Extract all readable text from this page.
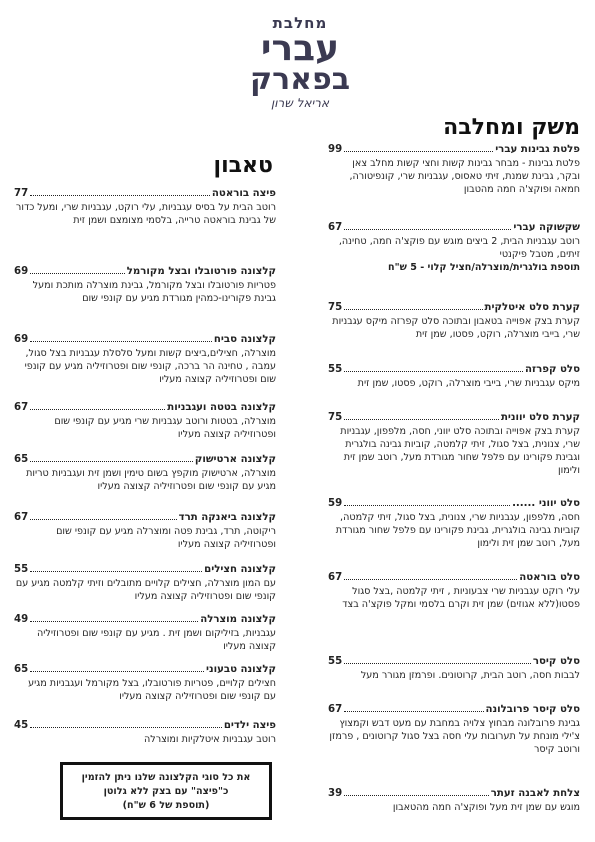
מחלבת
עברי
בפארק
אריאל שרון
משק ומחלבה
טאבון
פלטת גבינות עברי
99
פלטת גבינות - מבחר גבינות קשות וחצי קשות מחלב צאן ובקר, גבינת שמנת, זיתי טאסוס, עגבניות שרי, קונפיטורה, חמאה ופוקצ'ה חמה מהטבון
שקשוקה עברי
67
רוטב עגבניות הבית, 2 ביצים מוגש עם פוקצ'ה חמה, טחינה, זיתים, מטבל פיקנטי
תוספת בולגרית/מוצרלה/חציל קלוי - 5 ש"ח
קערת סלט איטלקית
75
קערת בצק אפוייה בטאבון ובתוכה סלט קפרזה מיקס עגבניות שרי, בייבי מוצרלה, רוקט, פסטו, שמן זית
סלט קפרזה
55
מיקס עגבניות שרי, בייבי מוצרלה, רוקט, פסטו, שמן זית
קערת סלט יוונית
75
קערת בצק אפוייה ובתוכה סלט יווני, חסה, מלפפון, עגבניות שרי, צנונית, בצל סגול, זיתי קלמטה, קוביות גבינה בולגרית וגבינת פקורינו עם פלפל שחור מגורדת מעל, רוטב שמן זית ולימון
סלט יווני ......
59
חסה, מלפפון, עגבניות שרי, צנונית, בצל סגול, זיתי קלמטה, קוביות גבינה בולגרית, גבינת פקורינו עם פלפל שחור מגורדת מעל, רוטב שמן זית ולימון
סלט בוראטה
67
עלי רוקט עגבניות שרי צבעוניות , זיתי קלמטה ,בצל סגול פסטו(ללא אגוזים) שמן זית וקרם בלסמי ומקל פוקצ'ה בצד
סלט קיסר
55
לבבות חסה, רוטב הבית, קרוטונים. ופרמזן מגורר מעל
סלט קיסר פרובלונה
67
גבינת פרובלונה מבחוץ צלויה במחבת עם מעט דבש וקמצוץ צ'ילי מונחת על תערובות עלי חסה בצל סגול קרוטונים , פרמזן ורוטב קיסר
צלחת לאבנה זעתר
39
מוגש עם שמן זית מעל ופוקצ'ה חמה מהטאבון
פיצה בוראטה
77
רוטב הבית על בסיס עגבניות, עלי רוקט, עגבניות שרי, ומעל כדור של גבינת בוראטה טרייה, בלסמי מצומצם ושמן זית
קלצונה פורטובלו ובצל מקורמל
69
פטריות פורטובלו ובצל מקורמל, גבינת מוצרלה מותכת ומעל גבינת פקורינו-כמהין מגורדת מגיע עם קונפי שום
קלצונה סביח
69
מוצרלה, חצילים,ביצים קשות ומעל סלסלת עגבניות בצל סגול, עמבה , טחינה הר ברכה, קונפי שום ופטרוזיליה מגיע עם קונפי שום ופטרוזיליה קצוצה מעליו
קלצונה בטטה ועגבניות
67
מוצרלה, בטטות ורוטב עגבניות שרי מגיע עם קונפי שום ופטרוזיליה קצוצה מעליו
קלצונה ארטישוק
65
מוצרלה, ארטישוק מוקפץ בשום טימין ושמן זית ועגבניות טריות מגיע עם קונפי שום ופטרוזיליה קצוצה מעליו
קלצונה ביאנקה תרד
67
ריקוטה, תרד, גבינת פטה ומוצרלה מגיע עם קונפי שום ופטרוזיליה קצוצה מעליו
קלצונה חצילים
55
עם המון מוצרלה, חצילים קלויים מתובלים וזיתי קלמטה מגיע עם קונפי שום ופטרוזיליה קצוצה מעליו
קלצונה מוצרלה
49
עגבניות, בזיליקום ושמן זית . מגיע עם קונפי שום ופטרוזיליה קצוצה מעליו
קלצונה טבעוני
65
חצילים קלויים, פטריות פורטובלו, בצל מקורמל ועגבניות מגיע עם קונפי שום ופטרוזיליה קצוצה מעליו
פיצה ילדים
45
רוטב עגבניות איטלקיות ומוצרלה
את כל סוגי הקלצונה שלנו ניתן להזמין
כ"פיצה" עם בצק ללא גלוטן
(תוספת של 6 ש"ח)
